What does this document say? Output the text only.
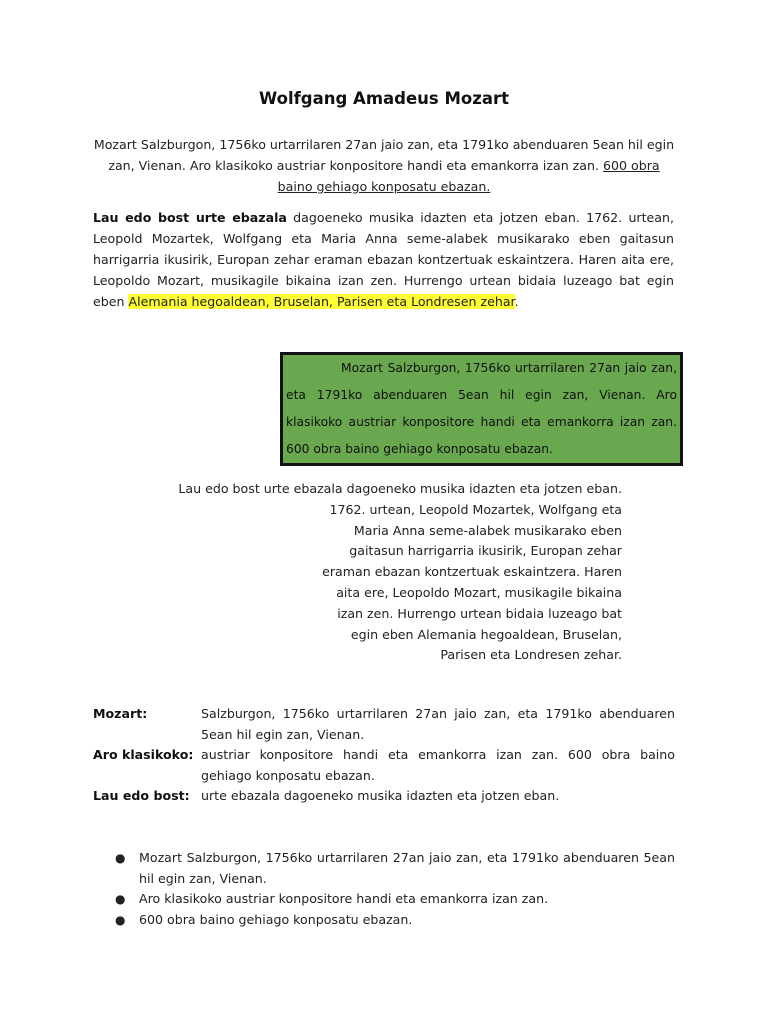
Wolfgang Amadeus Mozart
Mozart Salzburgon, 1756ko urtarrilaren 27an jaio zan, eta 1791ko abenduaren 5ean hil egin zan, Vienan. Aro klasikoko austriar konpositore handi eta emankorra izan zan. 600 obra baino gehiago konposatu ebazan.
Lau edo bost urte ebazala dagoeneko musika idazten eta jotzen eban. 1762. urtean, Leopold Mozartek, Wolfgang eta Maria Anna seme-alabek musikarako eben gaitasun harrigarria ikusirik, Europan zehar eraman ebazan kontzertuak eskaintzera. Haren aita ere, Leopoldo Mozart, musikagile bikaina izan zen. Hurrengo urtean bidaia luzeago bat egin eben Alemania hegoaldean, Bruselan, Parisen eta Londresen zehar.
Mozart Salzburgon, 1756ko urtarrilaren 27an jaio zan, eta 1791ko abenduaren 5ean hil egin zan, Vienan. Aro klasikoko austriar konpositore handi eta emankorra izan zan. 600 obra baino gehiago konposatu ebazan.
Lau edo bost urte ebazala dagoeneko musika idazten eta jotzen eban.
1762. urtean, Leopold Mozartek, Wolfgang eta
Maria Anna seme-alabek musikarako eben
gaitasun harrigarria ikusirik, Europan zehar
eraman ebazan kontzertuak eskaintzera. Haren
aita ere, Leopoldo Mozart, musikagile bikaina
izan zen. Hurrengo urtean bidaia luzeago bat
egin eben Alemania hegoaldean, Bruselan,
Parisen eta Londresen zehar.
Mozart:	Salzburgon, 1756ko urtarrilaren 27an jaio zan, eta 1791ko abenduaren 5ean hil egin zan, Vienan.
Aro klasikoko: austriar konpositore handi eta emankorra izan zan. 600 obra baino gehiago konposatu ebazan.
Lau edo bost: urte ebazala dagoeneko musika idazten eta jotzen eban.
●	Mozart Salzburgon, 1756ko urtarrilaren 27an jaio zan, eta 1791ko abenduaren 5ean hil egin zan, Vienan.
●	Aro klasikoko austriar konpositore handi eta emankorra izan zan.
●	600 obra baino gehiago konposatu ebazan.
